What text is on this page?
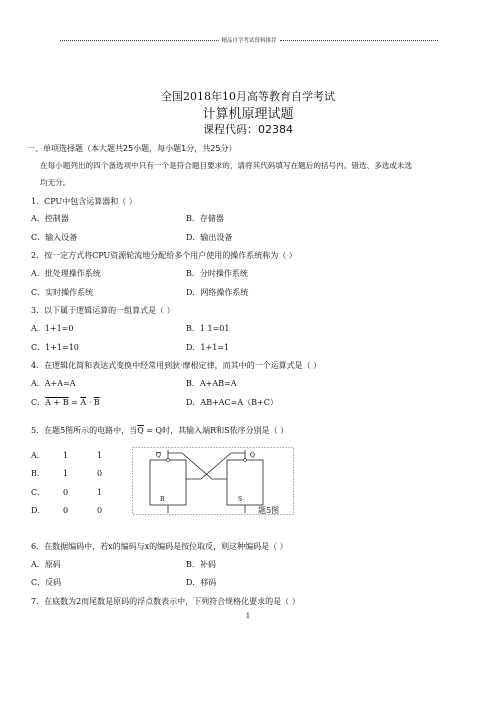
精品自学考试资料推荐
全国2018年10月高等教育自学考试
计算机原理试题
课程代码：02384
一、单项选择题（本大题共25小题，每小题1分，共25分）
在每小题列出的四个备选项中只有一个是符合题目要求的，请将其代码填写在题后的括号内。错选、多选或未选
均无分。
1．CPU中包含运算器和（ ）
A．控制器	B．存储器
C．输入设备	D．输出设备
2．按一定方式将CPU资源轮流地分配给多个用户使用的操作系统称为（ ）
A．批处理操作系统	B．分时操作系统
C．实时操作系统	D．网络操作系统
3．以下属于逻辑运算的一组算式是（ ）
A．1+1=0	B．1 1=01
C．1+1=10	D．1+1=1
4．在逻辑化简和表达式变换中经常用到狄·摩根定律，而其中的一个运算式是（ ）
A．A+A=A	B．A+AB=A
C．$A + B = \overline{A} \cdot \overline{B}$	D．AB+AC=A（B+C）
5．在题5图所示的电路中，当$\overline{Q} = Q$时，其输入端R和S依序分别是（ ）
A． 1	1
B． 1	0
C． 0	1
D． 0	0
Q	Q
R	S
题5图
6．在数据编码中，若x的编码与x的编码是按位取反，则这种编码是（ ）
A．原码	B．补码
C．反码	D．移码
7．在底数为2而尾数是原码的浮点数表示中，下列符合规格化要求的是（ ）
1
